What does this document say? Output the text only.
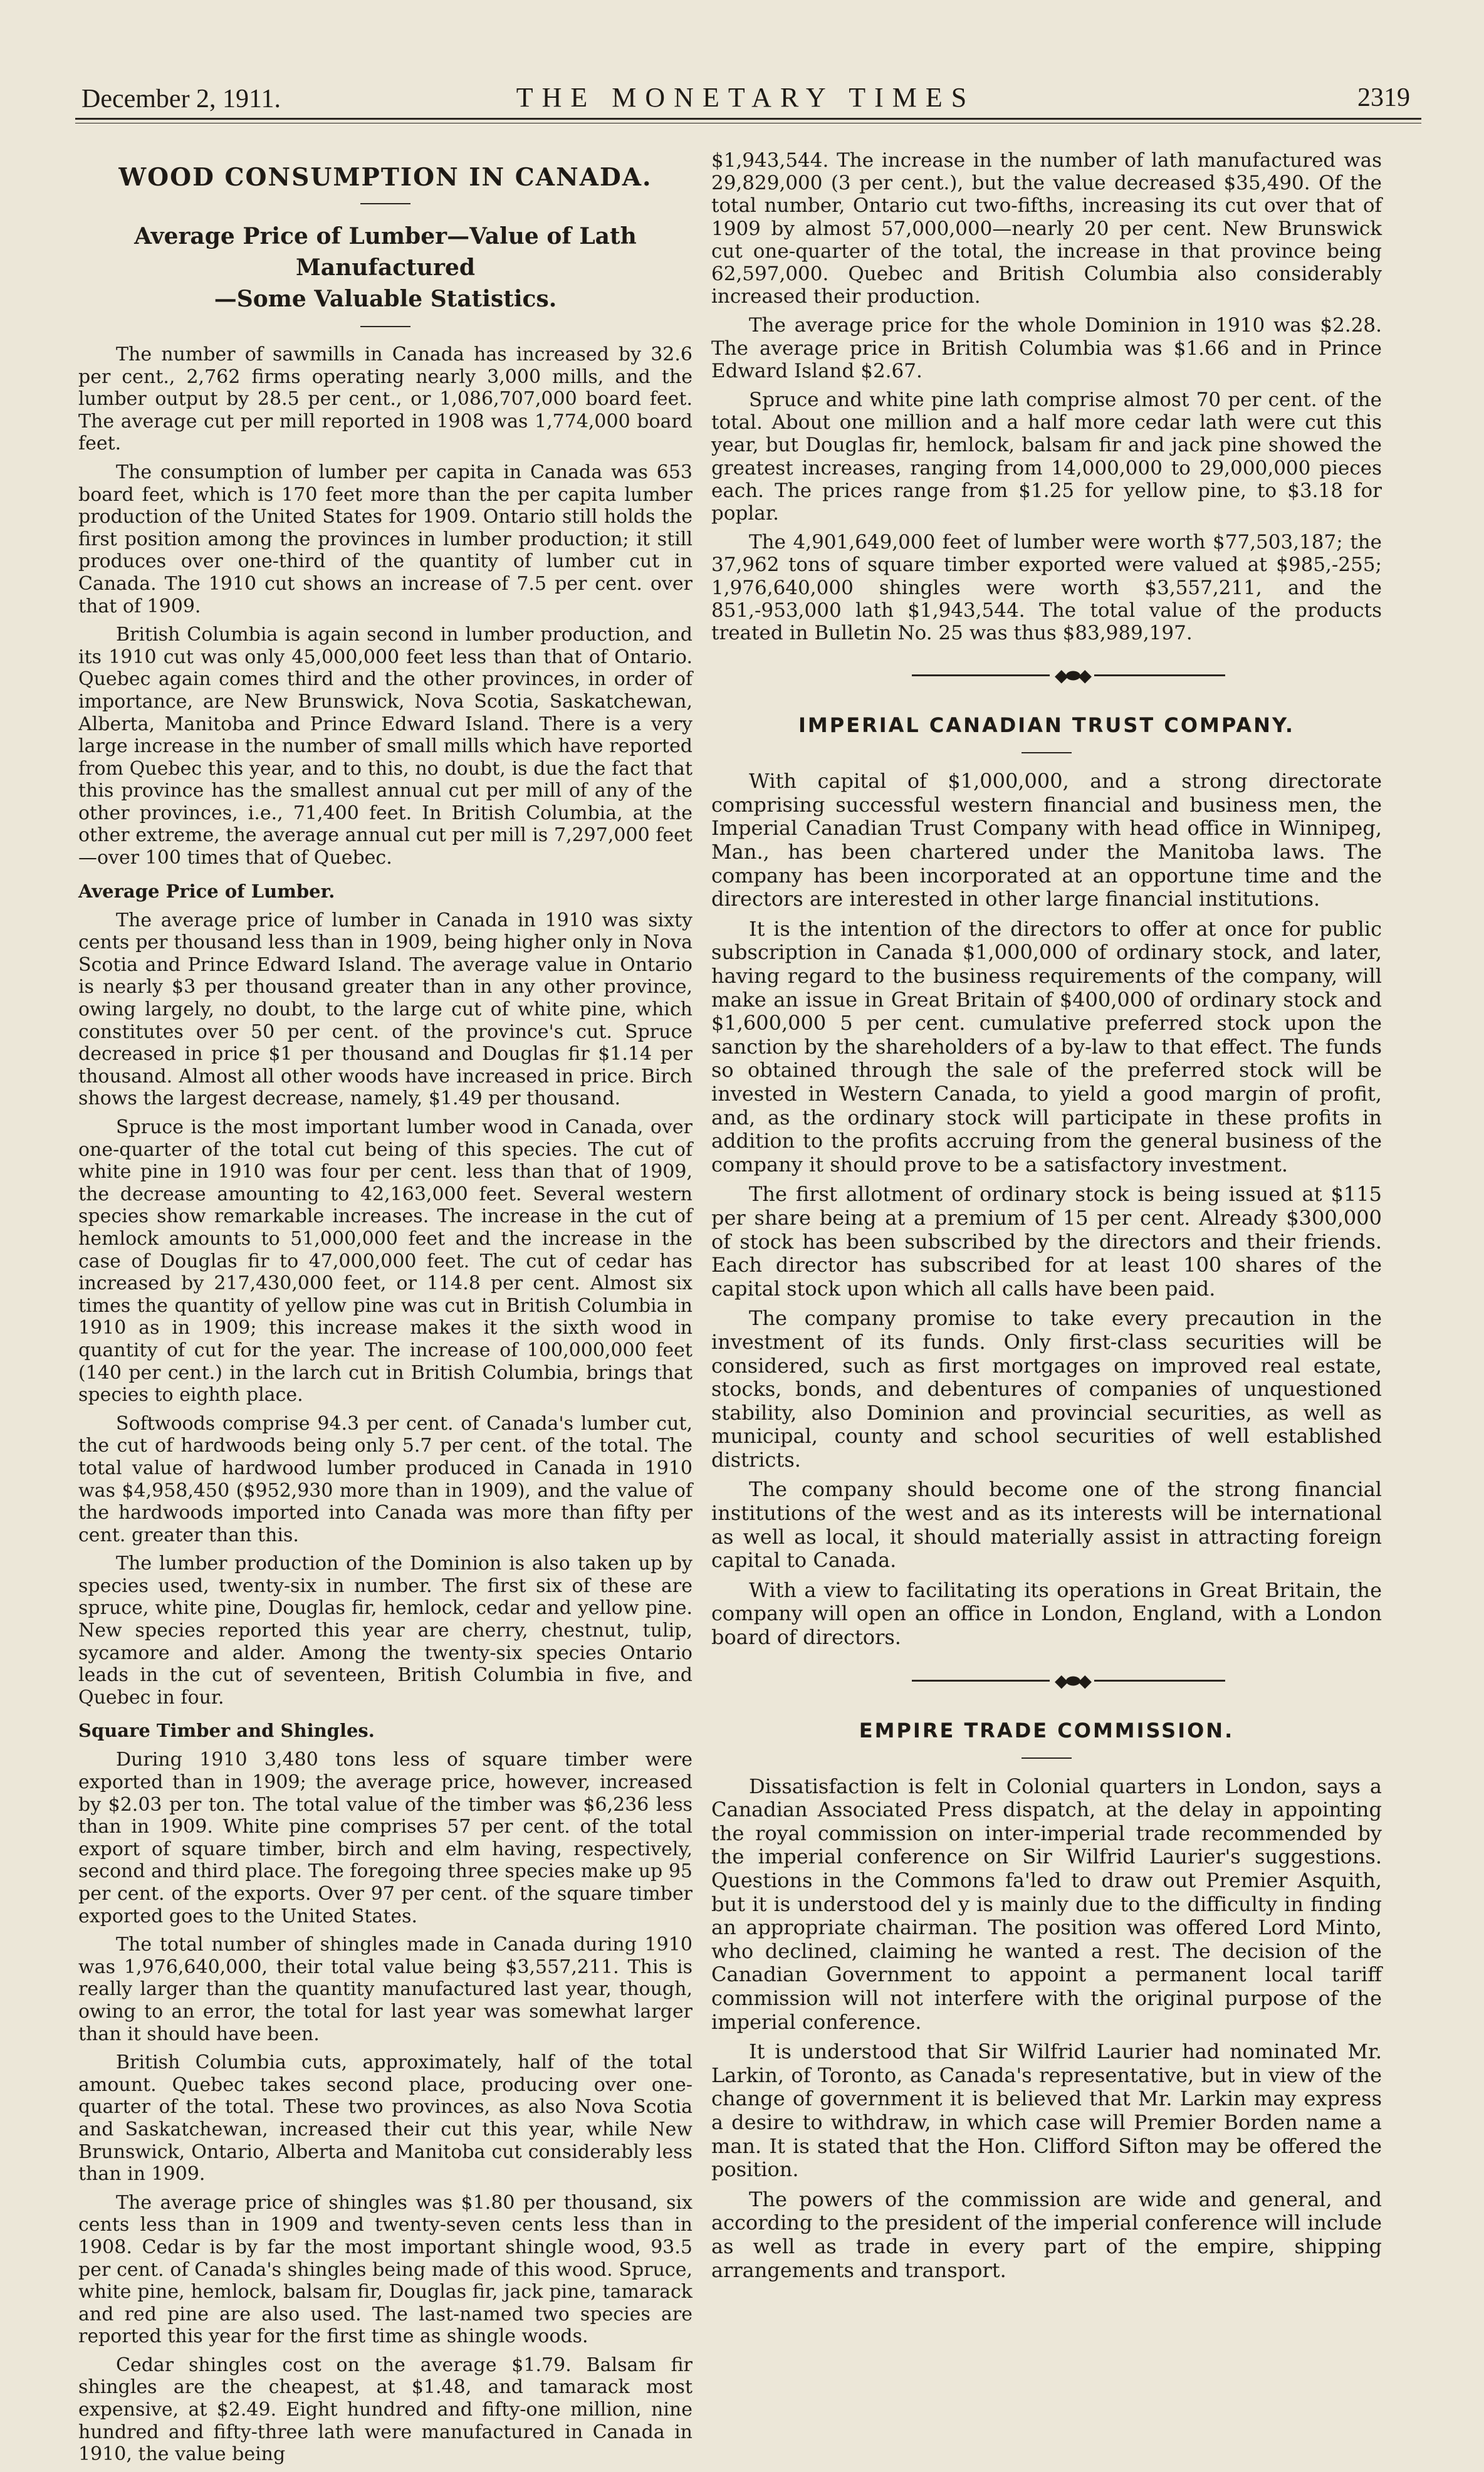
December 2, 1911.	THE MONETARY TIMES	2319
WOOD CONSUMPTION IN CANADA.
Average Price of Lumber—Value of Lath Manufactured
—Some Valuable Statistics.

The number of sawmills in Canada has increased by 32.6 per cent., 2,762 firms operating nearly 3,000 mills, and the lumber output by 28.5 per cent., or 1,086,707,000 board feet. The average cut per mill reported in 1908 was 1,774,000 board feet.

The consumption of lumber per capita in Canada was 653 board feet, which is 170 feet more than the per capita lumber production of the United States for 1909. Ontario still holds the first position among the provinces in lumber production; it still produces over one-third of the quantity of lumber cut in Canada. The 1910 cut shows an increase of 7.5 per cent. over that of 1909.

British Columbia is again second in lumber production, and its 1910 cut was only 45,000,000 feet less than that of Ontario. Quebec again comes third and the other provinces, in order of importance, are New Brunswick, Nova Scotia, Saskatchewan, Alberta, Manitoba and Prince Edward Island. There is a very large increase in the number of small mills which have reported from Quebec this year, and to this, no doubt, is due the fact that this province has the smallest annual cut per mill of any of the other provinces, i.e., 71,400 feet. In British Columbia, at the other extreme, the average annual cut per mill is 7,297,000 feet—over 100 times that of Quebec.

Average Price of Lumber.

The average price of lumber in Canada in 1910 was sixty cents per thousand less than in 1909, being higher only in Nova Scotia and Prince Edward Island. The average value in Ontario is nearly $3 per thousand greater than in any other province, owing largely, no doubt, to the large cut of white pine, which constitutes over 50 per cent. of the province's cut. Spruce decreased in price $1 per thousand and Douglas fir $1.14 per thousand. Almost all other woods have increased in price. Birch shows the largest decrease, namely, $1.49 per thousand.

Spruce is the most important lumber wood in Canada, over one-quarter of the total cut being of this species. The cut of white pine in 1910 was four per cent. less than that of 1909, the decrease amounting to 42,163,000 feet. Several western species show remarkable increases. The increase in the cut of hemlock amounts to 51,000,000 feet and the increase in the case of Douglas fir to 47,000,000 feet. The cut of cedar has increased by 217,430,000 feet, or 114.8 per cent. Almost six times the quantity of yellow pine was cut in British Columbia in 1910 as in 1909; this increase makes it the sixth wood in quantity of cut for the year. The increase of 100,000,000 feet (140 per cent.) in the larch cut in British Columbia, brings that species to eighth place.

Softwoods comprise 94.3 per cent. of Canada's lumber cut, the cut of hardwoods being only 5.7 per cent. of the total. The total value of hardwood lumber produced in Canada in 1910 was $4,958,450 ($952,930 more than in 1909), and the value of the hardwoods imported into Canada was more than fifty per cent. greater than this.

The lumber production of the Dominion is also taken up by species used, twenty-six in number. The first six of these are spruce, white pine, Douglas fir, hemlock, cedar and yellow pine. New species reported this year are cherry, chestnut, tulip, sycamore and alder. Among the twenty-six species Ontario leads in the cut of seventeen, British Columbia in five, and Quebec in four.

Square Timber and Shingles.

During 1910 3,480 tons less of square timber were exported than in 1909; the average price, however, increased by $2.03 per ton. The total value of the timber was $6,236 less than in 1909. White pine comprises 57 per cent. of the total export of square timber, birch and elm having, respectively, second and third place. The foregoing three species make up 95 per cent. of the exports. Over 97 per cent. of the square timber exported goes to the United States.

The total number of shingles made in Canada during 1910 was 1,976,640,000, their total value being $3,557,211. This is really larger than the quantity manufactured last year, though, owing to an error, the total for last year was somewhat larger than it should have been.

British Columbia cuts, approximately, half of the total amount. Quebec takes second place, producing over one-quarter of the total. These two provinces, as also Nova Scotia and Saskatchewan, increased their cut this year, while New Brunswick, Ontario, Alberta and Manitoba cut considerably less than in 1909.

The average price of shingles was $1.80 per thousand, six cents less than in 1909 and twenty-seven cents less than in 1908. Cedar is by far the most important shingle wood, 93.5 per cent. of Canada's shingles being made of this wood. Spruce, white pine, hemlock, balsam fir, Douglas fir, jack pine, tamarack and red pine are also used. The last-named two species are reported this year for the first time as shingle woods.

Cedar shingles cost on the average $1.79. Balsam fir shingles are the cheapest, at $1.48, and tamarack most expensive, at $2.49. Eight hundred and fifty-one million, nine hundred and fifty-three lath were manufactured in Canada in 1910, the value being

$1,943,544. The increase in the number of lath manufactured was 29,829,000 (3 per cent.), but the value decreased $35,490. Of the total number, Ontario cut two-fifths, increasing its cut over that of 1909 by almost 57,000,000—nearly 20 per cent. New Brunswick cut one-quarter of the total, the increase in that province being 62,597,000. Quebec and British Columbia also considerably increased their production.

The average price for the whole Dominion in 1910 was $2.28. The average price in British Columbia was $1.66 and in Prince Edward Island $2.67.

Spruce and white pine lath comprise almost 70 per cent. of the total. About one million and a half more cedar lath were cut this year, but Douglas fir, hemlock, balsam fir and jack pine showed the greatest increases, ranging from 14,000,000 to 29,000,000 pieces each. The prices range from $1.25 for yellow pine, to $3.18 for poplar.

The 4,901,649,000 feet of lumber were worth $77,503,187; the 37,962 tons of square timber exported were valued at $985,-255; 1,976,640,000 shingles were worth $3,557,211, and the 851,-953,000 lath $1,943,544. The total value of the products treated in Bulletin No. 25 was thus $83,989,197.

◆⬬◆
IMPERIAL CANADIAN TRUST COMPANY.

With capital of $1,000,000, and a strong directorate comprising successful western financial and business men, the Imperial Canadian Trust Company with head office in Winnipeg, Man., has been chartered under the Manitoba laws. The company has been incorporated at an opportune time and the directors are interested in other large financial institutions.

It is the intention of the directors to offer at once for public subscription in Canada $1,000,000 of ordinary stock, and later, having regard to the business requirements of the company, will make an issue in Great Britain of $400,000 of ordinary stock and $1,600,000 5 per cent. cumulative preferred stock upon the sanction by the shareholders of a by-law to that effect. The funds so obtained through the sale of the preferred stock will be invested in Western Canada, to yield a good margin of profit, and, as the ordinary stock will participate in these profits in addition to the profits accruing from the general business of the company it should prove to be a satisfactory investment.

The first allotment of ordinary stock is being issued at $115 per share being at a premium of 15 per cent. Already $300,000 of stock has been subscribed by the directors and their friends. Each director has subscribed for at least 100 shares of the capital stock upon which all calls have been paid.

The company promise to take every precaution in the investment of its funds. Only first-class securities will be considered, such as first mortgages on improved real estate, stocks, bonds, and debentures of companies of unquestioned stability, also Dominion and provincial securities, as well as municipal, county and school securities of well established districts.

The company should become one of the strong financial institutions of the west and as its interests will be international as well as local, it should materially assist in attracting foreign capital to Canada.

With a view to facilitating its operations in Great Britain, the company will open an office in London, England, with a London board of directors.

◆⬬◆
EMPIRE TRADE COMMISSION.

Dissatisfaction is felt in Colonial quarters in London, says a Canadian Associated Press dispatch, at the delay in appointing the royal commission on inter-imperial trade recommended by the imperial conference on Sir Wilfrid Laurier's suggestions. Questions in the Commons fa'led to draw out Premier Asquith, but it is understood del y is mainly due to the difficulty in finding an appropriate chairman. The position was offered Lord Minto, who declined, claiming he wanted a rest. The decision of the Canadian Government to appoint a permanent local tariff commission will not interfere with the original purpose of the imperial conference.

It is understood that Sir Wilfrid Laurier had nominated Mr. Larkin, of Toronto, as Canada's representative, but in view of the change of government it is believed that Mr. Larkin may express a desire to withdraw, in which case will Premier Borden name a man. It is stated that the Hon. Clifford Sifton may be offered the position.

The powers of the commission are wide and general, and according to the president of the imperial conference will include as well as trade in every part of the empire, shipping arrangements and transport.
